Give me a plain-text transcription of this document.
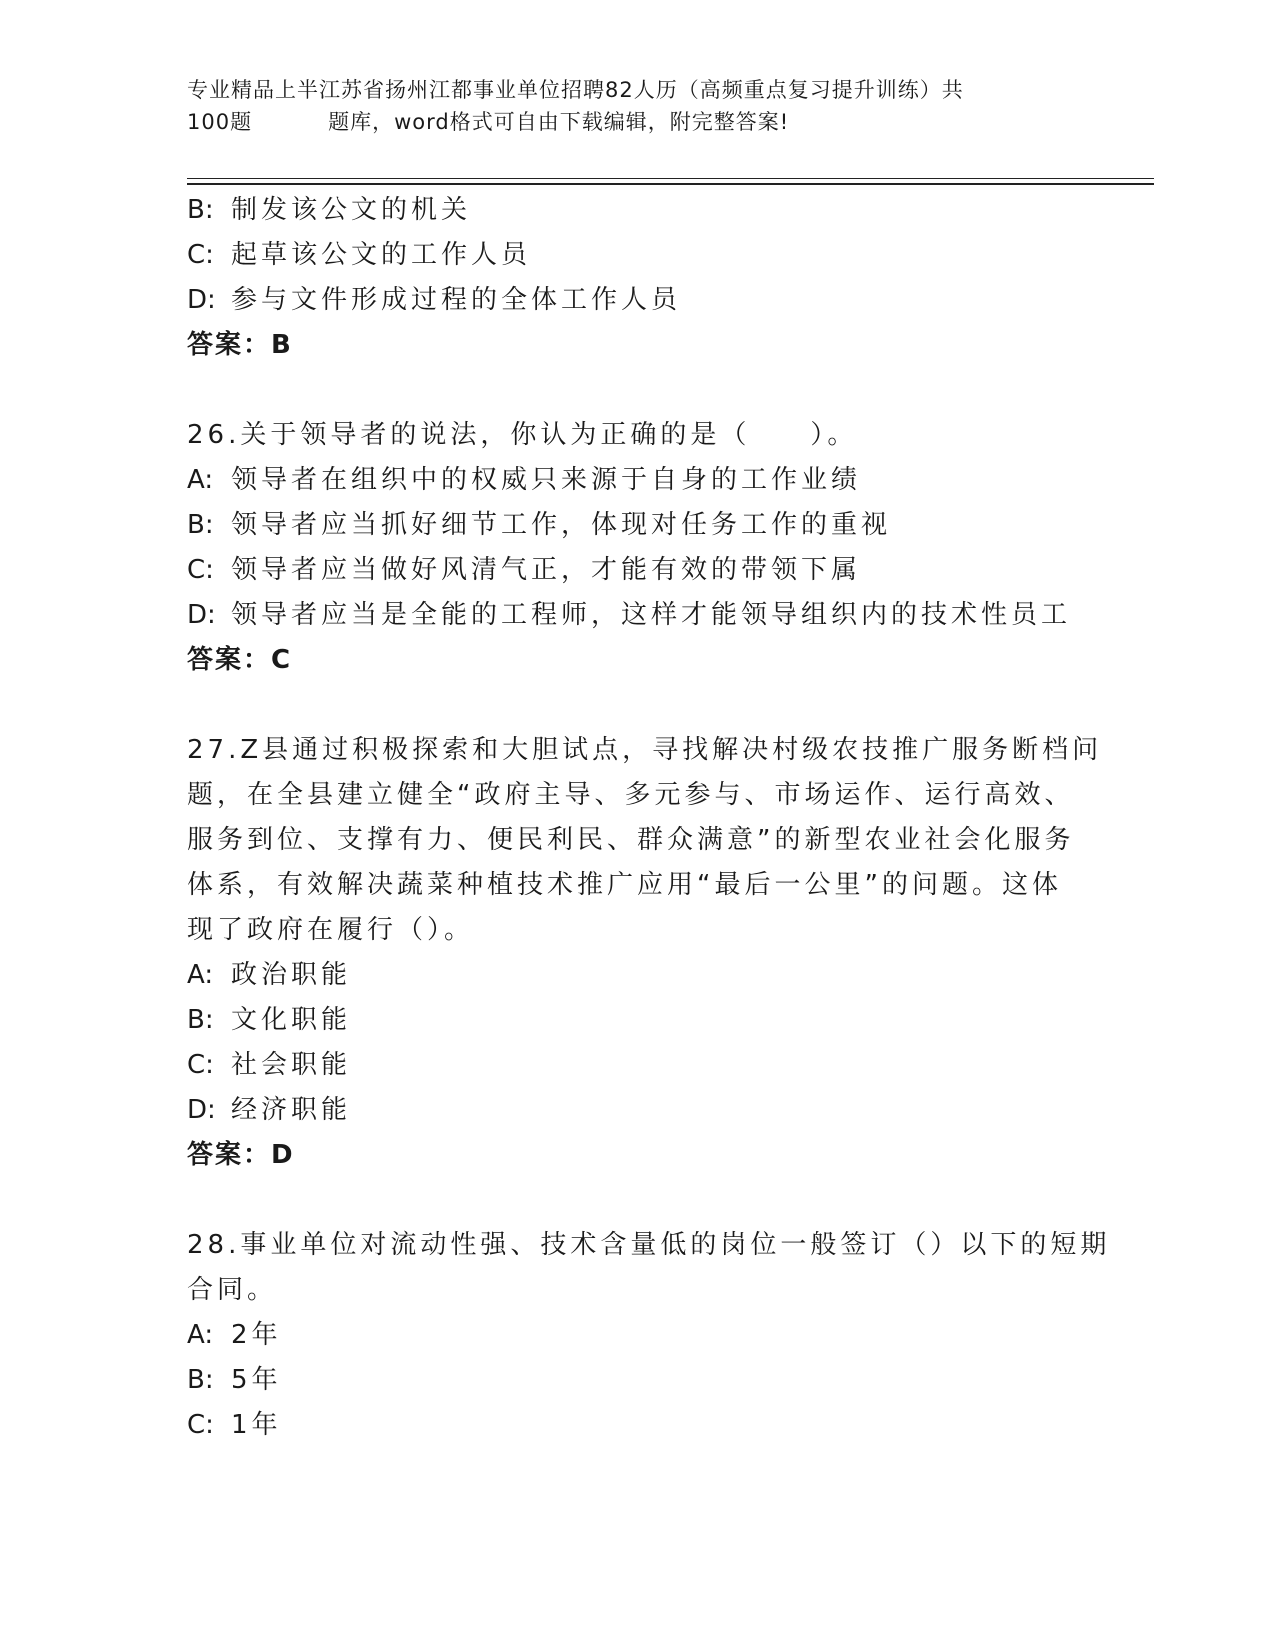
专业精品上半江苏省扬州江都事业单位招聘82人历（高频重点复习提升训练）共
100题	题库，word格式可自由下载编辑，附完整答案!
B: 制发该公文的机关
C: 起草该公文的工作人员
D: 参与文件形成过程的全体工作人员
答案：B
26.关于领导者的说法，你认为正确的是（　　）。
A: 领导者在组织中的权威只来源于自身的工作业绩
B: 领导者应当抓好细节工作，体现对任务工作的重视
C: 领导者应当做好风清气正，才能有效的带领下属
D: 领导者应当是全能的工程师，这样才能领导组织内的技术性员工
答案：C
27.Z县通过积极探索和大胆试点，寻找解决村级农技推广服务断档问
题，在全县建立健全“政府主导、多元参与、市场运作、运行高效、
服务到位、支撑有力、便民利民、群众满意”的新型农业社会化服务
体系，有效解决蔬菜种植技术推广应用“最后一公里”的问题。这体
现了政府在履行（）。
A: 政治职能
B: 文化职能
C: 社会职能
D: 经济职能
答案：D
28.事业单位对流动性强、技术含量低的岗位一般签订（）以下的短期
合同。
A: 2年
B: 5年
C: 1年
